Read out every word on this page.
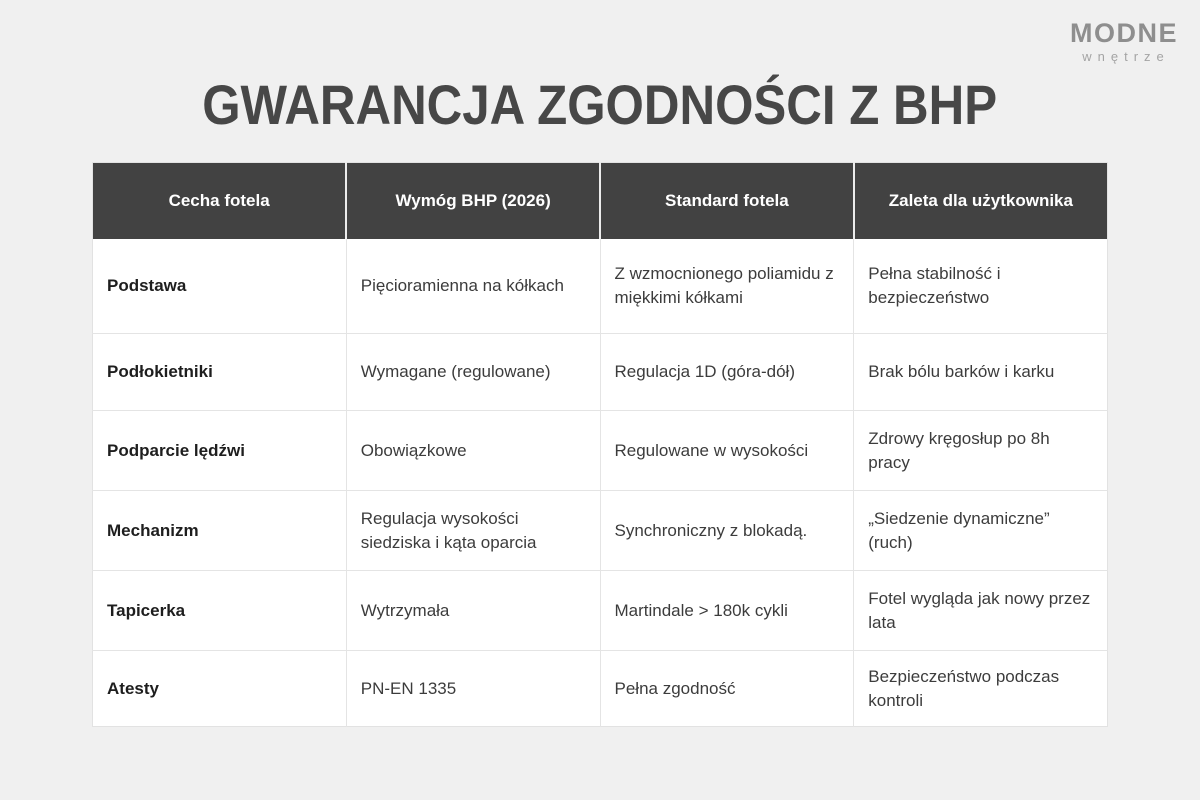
MODNE
wnętrze
GWARANCJA ZGODNOŚCI Z BHP
Cecha fotela	Wymóg BHP (2026)	Standard fotela	Zaleta dla użytkownika
Podstawa	Pięcioramienna na kółkach	Z wzmocnionego poliamidu z miękkimi kółkami	Pełna stabilność i bezpieczeństwo
Podłokietniki	Wymagane (regulowane)	Regulacja 1D (góra-dół)	Brak bólu barków i karku
Podparcie lędźwi	Obowiązkowe	Regulowane w wysokości	Zdrowy kręgosłup po 8h pracy
Mechanizm	Regulacja wysokości siedziska i kąta oparcia	Synchroniczny z blokadą.	„Siedzenie dynamiczne” (ruch)
Tapicerka	Wytrzymała	Martindale > 180k cykli	Fotel wygląda jak nowy przez lata
Atesty	PN-EN 1335	Pełna zgodność	Bezpieczeństwo podczas kontroli
